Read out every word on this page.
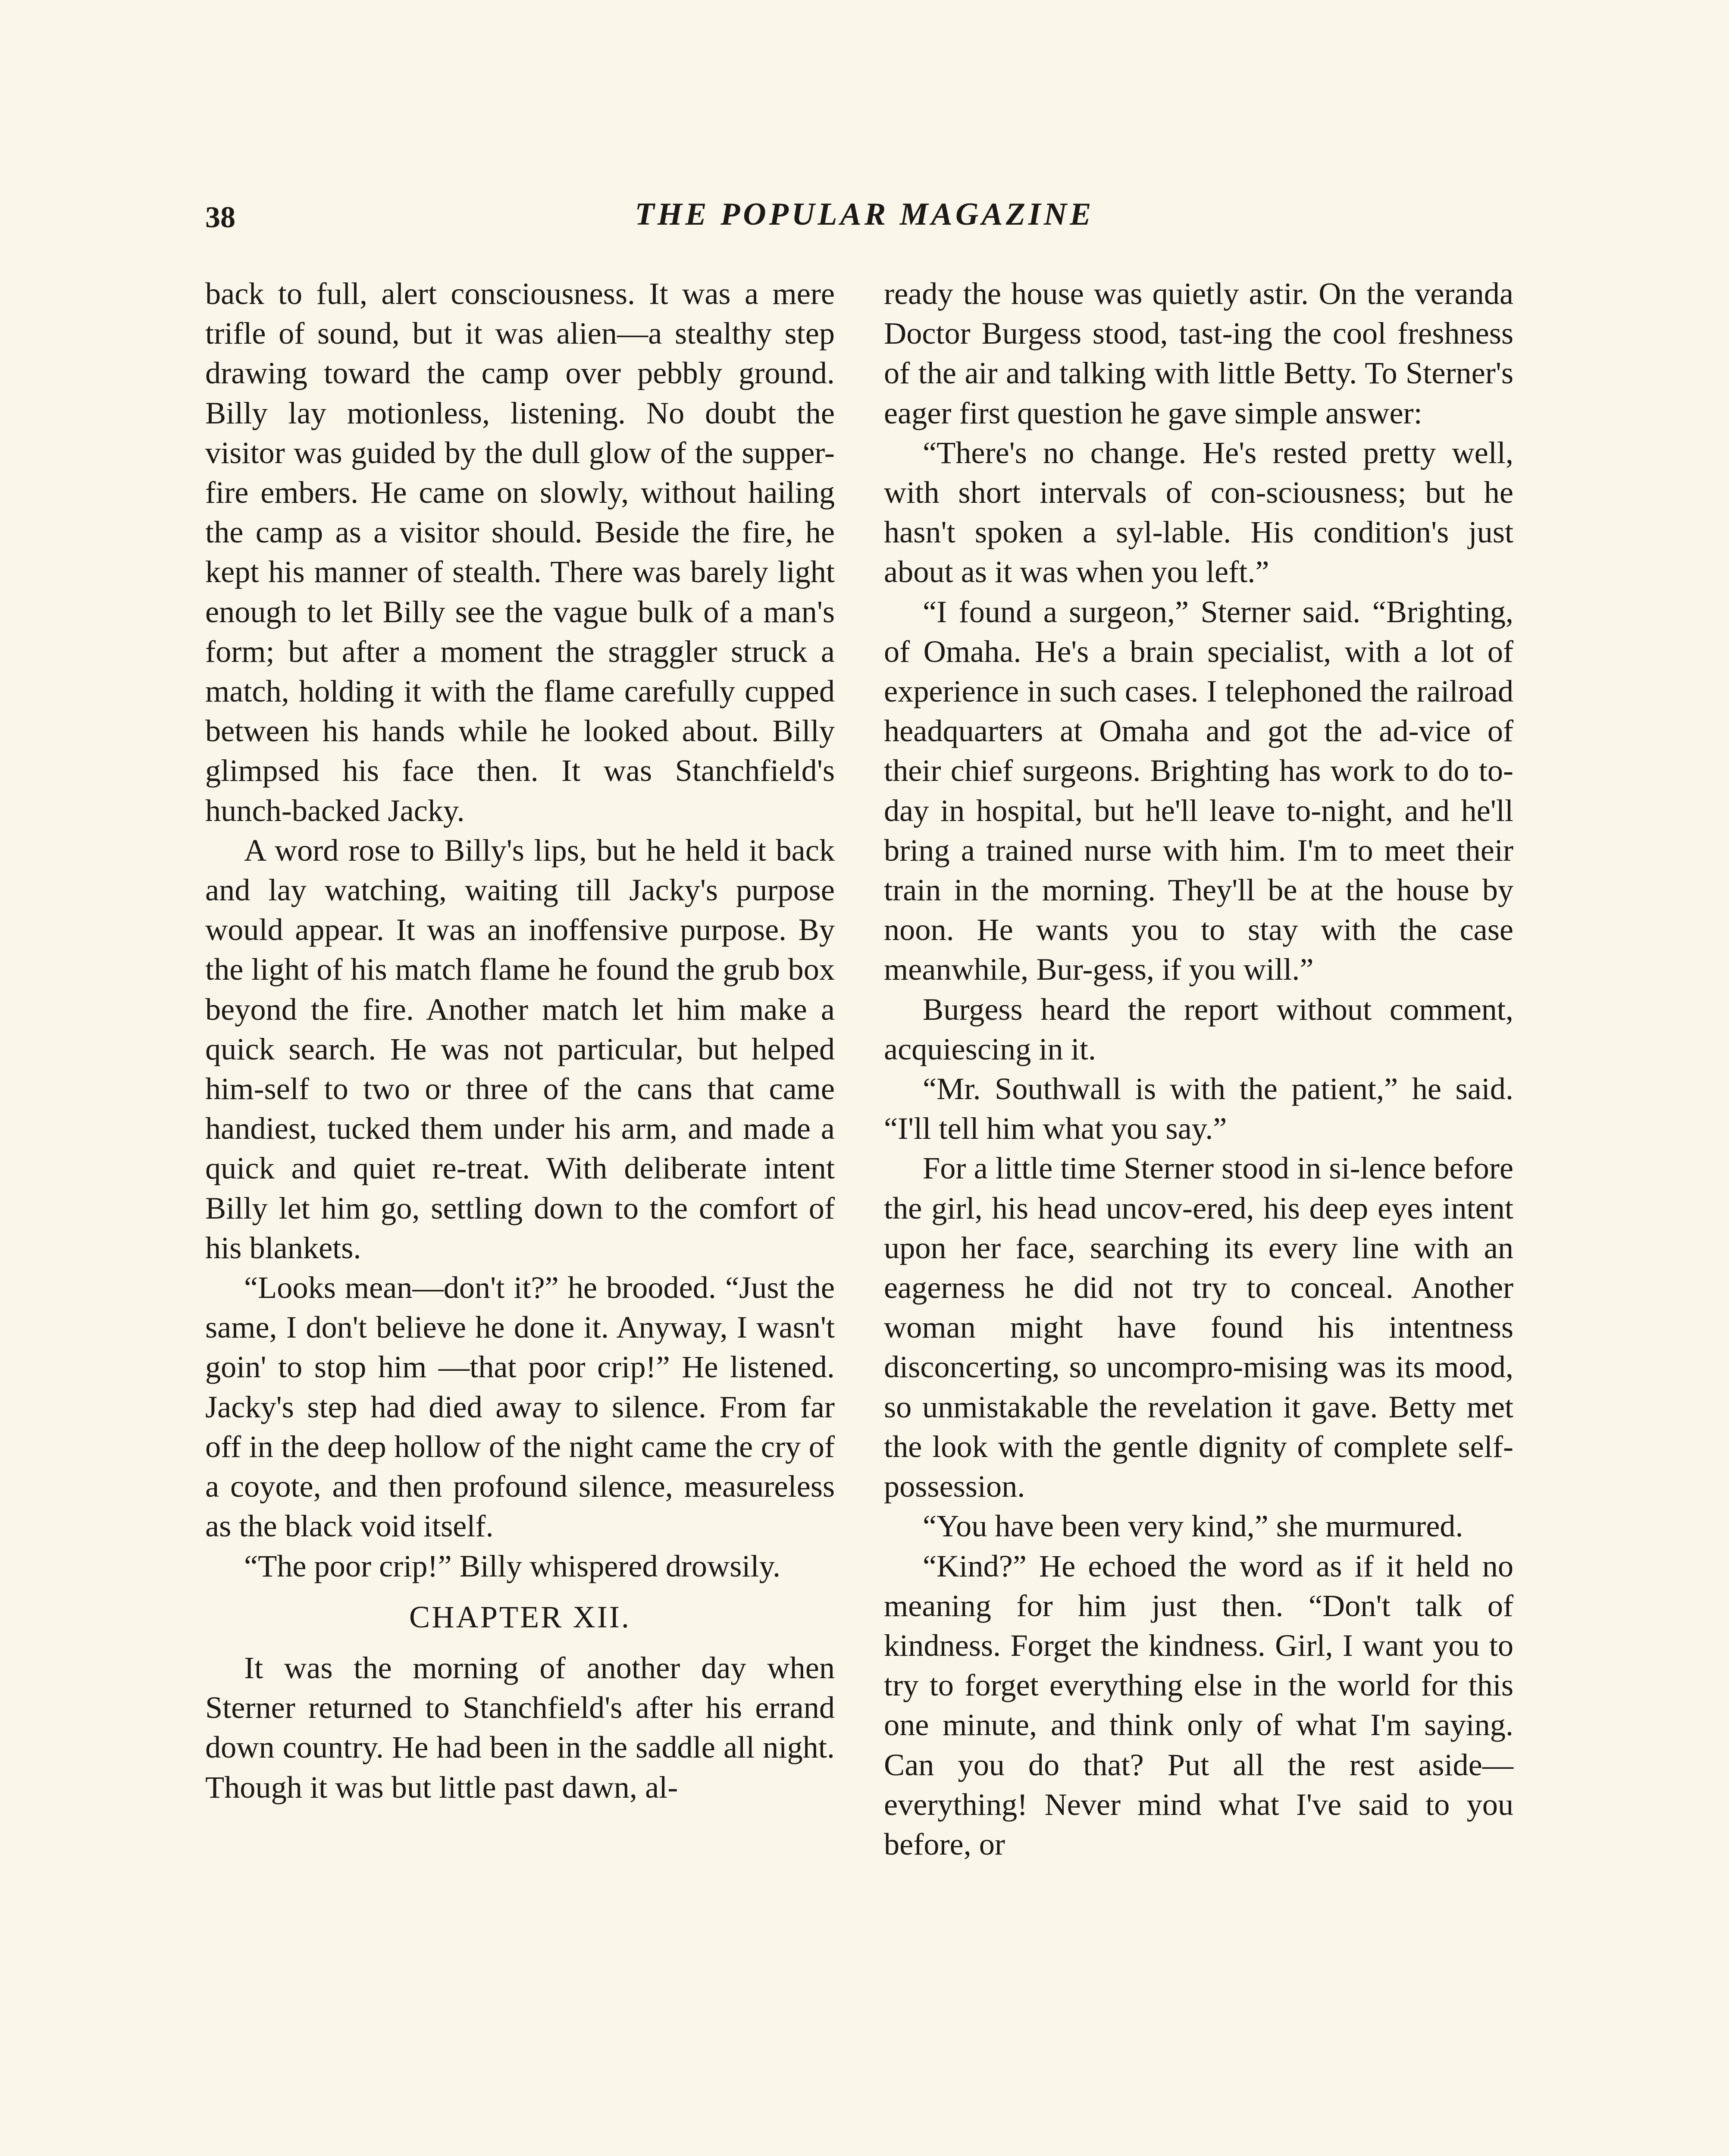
38	THE POPULAR MAGAZINE

back to full, alert consciousness. It was a mere trifle of sound, but it was alien—a stealthy step drawing toward the camp over pebbly ground. Billy lay motionless, listening. No doubt the visitor was guided by the dull glow of the supper-fire embers. He came on slowly, without hailing the camp as a visitor should. Beside the fire, he kept his manner of stealth. There was barely light enough to let Billy see the vague bulk of a man's form; but after a moment the straggler struck a match, holding it with the flame carefully cupped between his hands while he looked about. Billy glimpsed his face then. It was Stanchfield's hunch-backed Jacky.

A word rose to Billy's lips, but he held it back and lay watching, waiting till Jacky's purpose would appear. It was an inoffensive purpose. By the light of his match flame he found the grub box beyond the fire. Another match let him make a quick search. He was not particular, but helped him-self to two or three of the cans that came handiest, tucked them under his arm, and made a quick and quiet re-treat. With deliberate intent Billy let him go, settling down to the comfort of his blankets.

“Looks mean—don't it?” he brooded. “Just the same, I don't believe he done it. Anyway, I wasn't goin' to stop him —that poor crip!” He listened. Jacky's step had died away to silence. From far off in the deep hollow of the night came the cry of a coyote, and then profound silence, measureless as the black void itself.

“The poor crip!” Billy whispered drowsily.

CHAPTER XII.

It was the morning of another day when Sterner returned to Stanchfield's after his errand down country. He had been in the saddle all night. Though it was but little past dawn, al-

ready the house was quietly astir. On the veranda Doctor Burgess stood, tast-ing the cool freshness of the air and talking with little Betty. To Sterner's eager first question he gave simple answer:

“There's no change. He's rested pretty well, with short intervals of con-sciousness; but he hasn't spoken a syl-lable. His condition's just about as it was when you left.”

“I found a surgeon,” Sterner said. “Brighting, of Omaha. He's a brain specialist, with a lot of experience in such cases. I telephoned the railroad headquarters at Omaha and got the ad-vice of their chief surgeons. Brighting has work to do to-day in hospital, but he'll leave to-night, and he'll bring a trained nurse with him. I'm to meet their train in the morning. They'll be at the house by noon. He wants you to stay with the case meanwhile, Bur-gess, if you will.”

Burgess heard the report without comment, acquiescing in it.

“Mr. Southwall is with the patient,” he said. “I'll tell him what you say.”

For a little time Sterner stood in si-lence before the girl, his head uncov-ered, his deep eyes intent upon her face, searching its every line with an eagerness he did not try to conceal. Another woman might have found his intentness disconcerting, so uncompro-mising was its mood, so unmistakable the revelation it gave. Betty met the look with the gentle dignity of complete self-possession.

“You have been very kind,” she murmured.

“Kind?” He echoed the word as if it held no meaning for him just then. “Don't talk of kindness. Forget the kindness. Girl, I want you to try to forget everything else in the world for this one minute, and think only of what I'm saying. Can you do that? Put all the rest aside—everything! Never mind what I've said to you before, or
